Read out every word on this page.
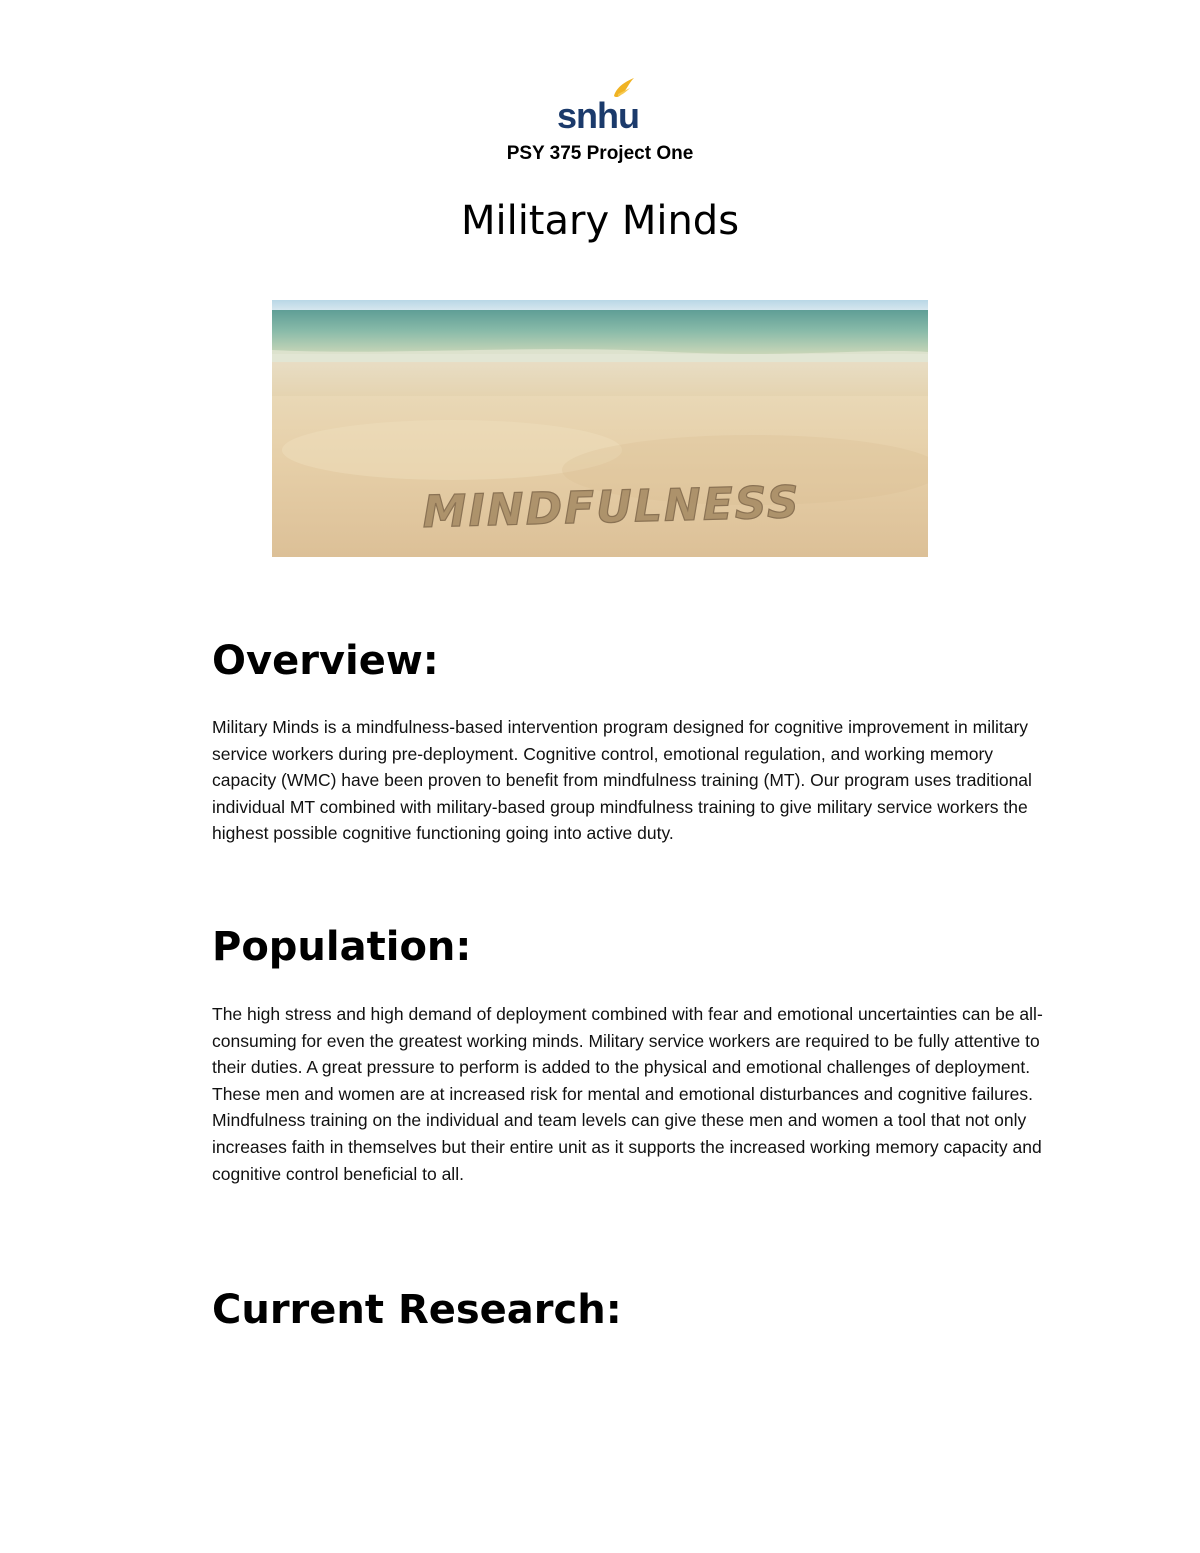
snhu
PSY 375 Project One
Military Minds
MINDFULNESS
Overview:

Military Minds is a mindfulness-based intervention program designed for cognitive improvement in military service workers during pre-deployment. Cognitive control, emotional regulation, and working memory capacity (WMC) have been proven to benefit from mindfulness training (MT). Our program uses traditional individual MT combined with military-based group mindfulness training to give military service workers the highest possible cognitive functioning going into active duty.

Population:

The high stress and high demand of deployment combined with fear and emotional uncertainties can be all-consuming for even the greatest working minds. Military service workers are required to be fully attentive to their duties. A great pressure to perform is added to the physical and emotional challenges of deployment. These men and women are at increased risk for mental and emotional disturbances and cognitive failures. Mindfulness training on the individual and team levels can give these men and women a tool that not only increases faith in themselves but their entire unit as it supports the increased working memory capacity and cognitive control beneficial to all.

Current Research:
